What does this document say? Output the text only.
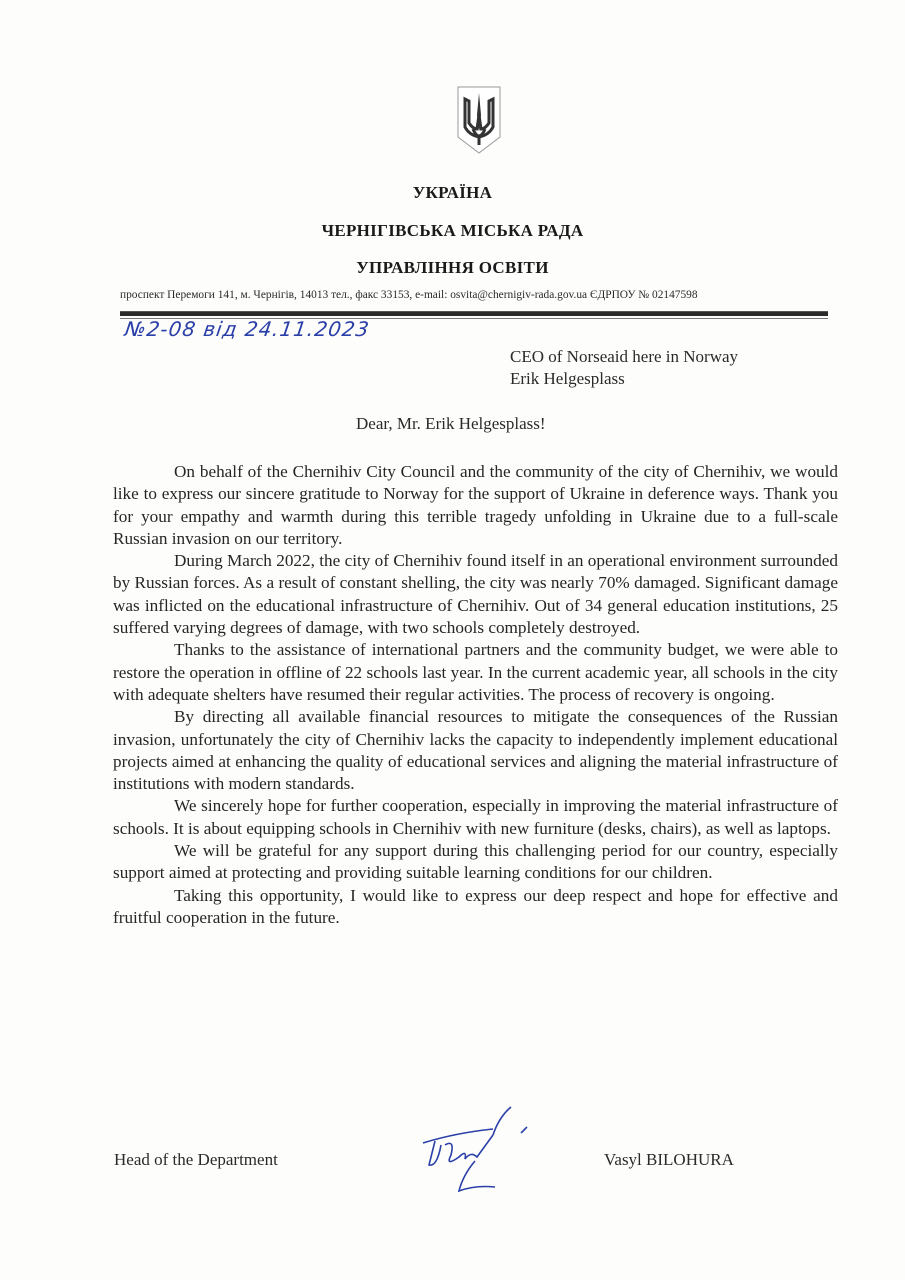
УКРАЇНА
ЧЕРНІГІВСЬКА МІСЬКА РАДА
УПРАВЛІННЯ ОСВІТИ
проспект Перемоги 141, м. Чернігів, 14013 тел., факс 33153, e-mail: osvita@chernigiv-rada.gov.ua ЄДРПОУ № 02147598
№2-08 від 24.11.2023
CEO of Norseaid here in Norway
Erik Helgesplass
Dear, Mr. Erik Helgesplass!

On behalf of the Chernihiv City Council and the community of the city of Chernihiv, we would like to express our sincere gratitude to Norway for the support of Ukraine in deference ways. Thank you for your empathy and warmth during this terrible tragedy unfolding in Ukraine due to a full-scale Russian invasion on our territory.

During March 2022, the city of Chernihiv found itself in an operational environment surrounded by Russian forces. As a result of constant shelling, the city was nearly 70% damaged. Significant damage was inflicted on the educational infrastructure of Chernihiv. Out of 34 general education institutions, 25 suffered varying degrees of damage, with two schools completely destroyed.

Thanks to the assistance of international partners and the community budget, we were able to restore the operation in offline of 22 schools last year. In the current academic year, all schools in the city with adequate shelters have resumed their regular activities. The process of recovery is ongoing.

By directing all available financial resources to mitigate the consequences of the Russian invasion, unfortunately the city of Chernihiv lacks the capacity to independently implement educational projects aimed at enhancing the quality of educational services and aligning the material infrastructure of institutions with modern standards.

We sincerely hope for further cooperation, especially in improving the material infrastructure of schools. It is about equipping schools in Chernihiv with new furniture (desks, chairs), as well as laptops.

We will be grateful for any support during this challenging period for our country, especially support aimed at protecting and providing suitable learning conditions for our children.

Taking this opportunity, I would like to express our deep respect and hope for effective and fruitful cooperation in the future.

Head of the Department	Vasyl BILOHURA
